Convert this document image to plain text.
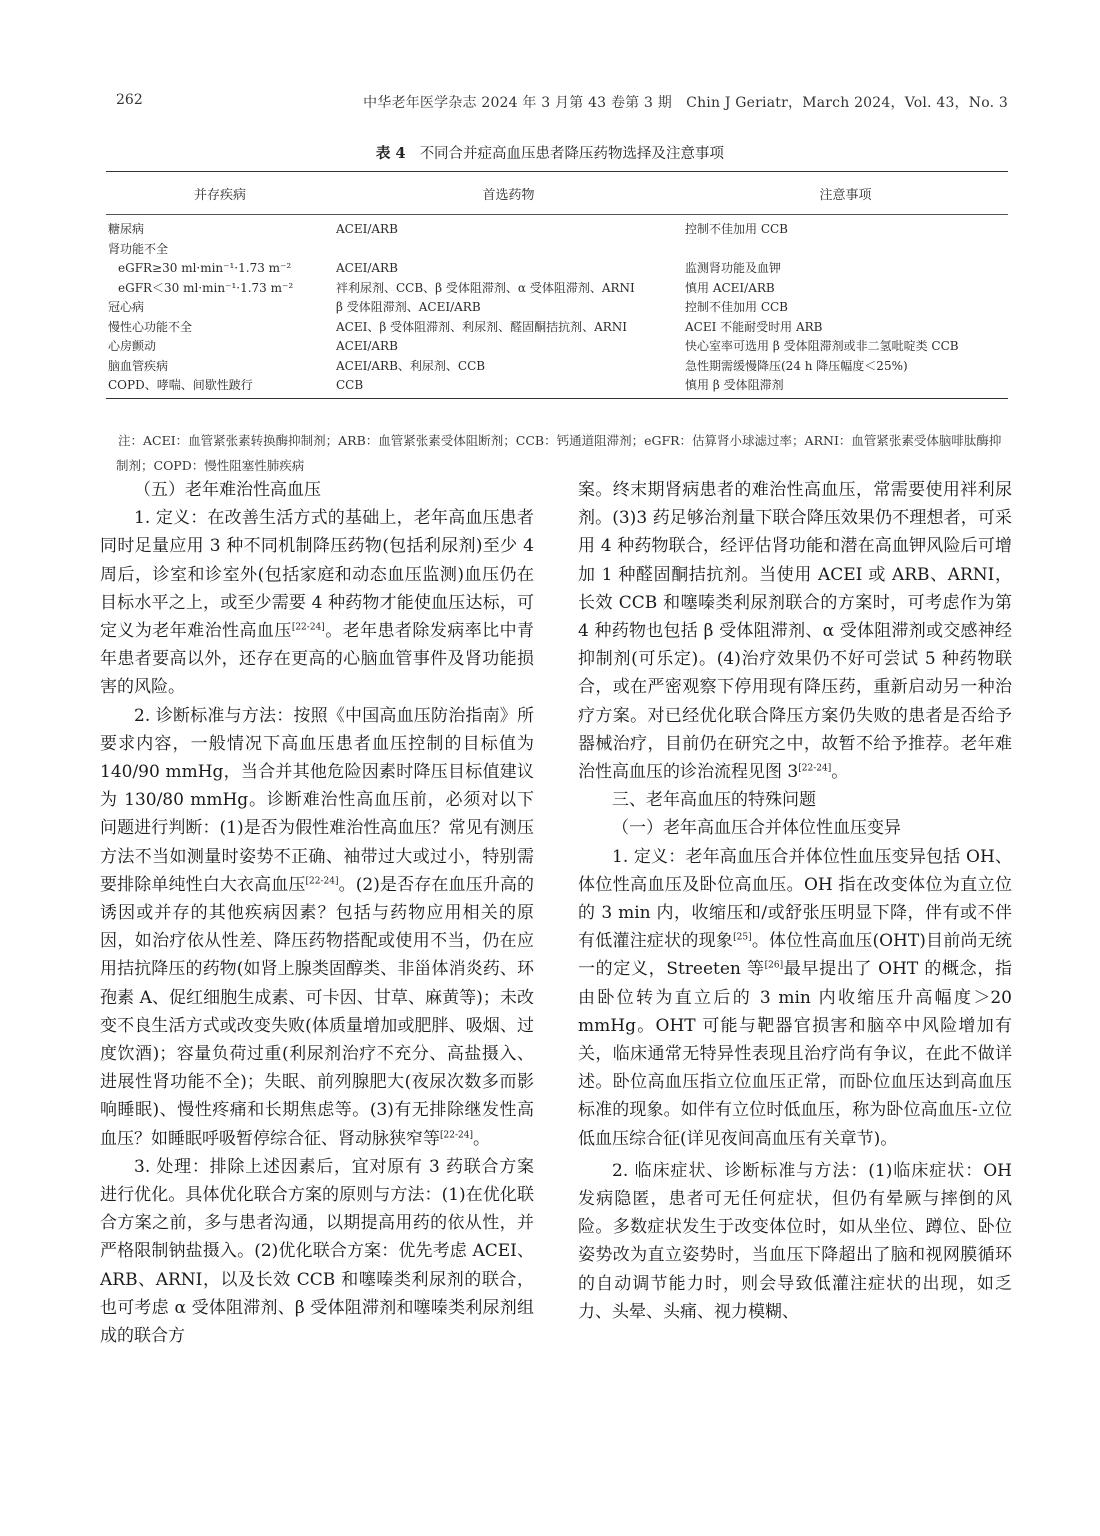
262	中华老年医学杂志 2024 年 3 月第 43 卷第 3 期　Chin J Geriatr，March 2024，Vol. 43，No. 3
表 4 不同合并症高血压患者降压药物选择及注意事项
并存疾病	首选药物	注意事项
糖尿病	ACEI/ARB	控制不佳加用 CCB
肾功能不全		
eGFR≥30 ml·min⁻¹·1.73 m⁻²	ACEI/ARB	监测肾功能及血钾
eGFR＜30 ml·min⁻¹·1.73 m⁻²	袢利尿剂、CCB、β 受体阻滞剂、α 受体阻滞剂、ARNI	慎用 ACEI/ARB
冠心病	β 受体阻滞剂、ACEI/ARB	控制不佳加用 CCB
慢性心功能不全	ACEI、β 受体阻滞剂、利尿剂、醛固酮拮抗剂、ARNI	ACEI 不能耐受时用 ARB
心房颤动	ACEI/ARB	快心室率可选用 β 受体阻滞剂或非二氢吡啶类 CCB
脑血管疾病	ACEI/ARB、利尿剂、CCB	急性期需缓慢降压(24 h 降压幅度＜25%)
COPD、哮喘、间歇性跛行	CCB	慎用 β 受体阻滞剂
注：ACEI：血管紧张素转换酶抑制剂；ARB：血管紧张素受体阻断剂；CCB：钙通道阻滞剂；eGFR：估算肾小球滤过率；ARNI：血管紧张素受体脑啡肽酶抑制剂；COPD：慢性阻塞性肺疾病

（五）老年难治性高血压

1. 定义：在改善生活方式的基础上，老年高血压患者同时足量应用 3 种不同机制降压药物(包括利尿剂)至少 4 周后，诊室和诊室外(包括家庭和动态血压监测)血压仍在目标水平之上，或至少需要 4 种药物才能使血压达标，可定义为老年难治性高血压[22-24]。老年患者除发病率比中青年患者要高以外，还存在更高的心脑血管事件及肾功能损害的风险。

2. 诊断标准与方法：按照《中国高血压防治指南》所要求内容，一般情况下高血压患者血压控制的目标值为 140/90 mmHg，当合并其他危险因素时降压目标值建议为 130/80 mmHg。诊断难治性高血压前，必须对以下问题进行判断：(1)是否为假性难治性高血压？常见有测压方法不当如测量时姿势不正确、袖带过大或过小，特别需要排除单纯性白大衣高血压[22-24]。(2)是否存在血压升高的诱因或并存的其他疾病因素？包括与药物应用相关的原因，如治疗依从性差、降压药物搭配或使用不当，仍在应用拮抗降压的药物(如肾上腺类固醇类、非甾体消炎药、环孢素 A、促红细胞生成素、可卡因、甘草、麻黄等)；未改变不良生活方式或改变失败(体质量增加或肥胖、吸烟、过度饮酒)；容量负荷过重(利尿剂治疗不充分、高盐摄入、进展性肾功能不全)；失眠、前列腺肥大(夜尿次数多而影响睡眠)、慢性疼痛和长期焦虑等。(3)有无排除继发性高血压？如睡眠呼吸暂停综合征、肾动脉狭窄等[22-24]。

3. 处理：排除上述因素后，宜对原有 3 药联合方案进行优化。具体优化联合方案的原则与方法：(1)在优化联合方案之前，多与患者沟通，以期提高用药的依从性，并严格限制钠盐摄入。(2)优化联合方案：优先考虑 ACEI、ARB、ARNI，以及长效 CCB 和噻嗪类利尿剂的联合，也可考虑 α 受体阻滞剂、β 受体阻滞剂和噻嗪类利尿剂组成的联合方

案。终末期肾病患者的难治性高血压，常需要使用袢利尿剂。(3)3 药足够治剂量下联合降压效果仍不理想者，可采用 4 种药物联合，经评估肾功能和潜在高血钾风险后可增加 1 种醛固酮拮抗剂。当使用 ACEI 或 ARB、ARNI，长效 CCB 和噻嗪类利尿剂联合的方案时，可考虑作为第 4 种药物也包括 β 受体阻滞剂、α 受体阻滞剂或交感神经抑制剂(可乐定)。(4)治疗效果仍不好可尝试 5 种药物联合，或在严密观察下停用现有降压药，重新启动另一种治疗方案。对已经优化联合降压方案仍失败的患者是否给予器械治疗，目前仍在研究之中，故暂不给予推荐。老年难治性高血压的诊治流程见图 3[22-24]。

三、老年高血压的特殊问题

（一）老年高血压合并体位性血压变异

1. 定义：老年高血压合并体位性血压变异包括 OH、体位性高血压及卧位高血压。OH 指在改变体位为直立位的 3 min 内，收缩压和/或舒张压明显下降，伴有或不伴有低灌注症状的现象[25]。体位性高血压(OHT)目前尚无统一的定义，Streeten 等[26]最早提出了 OHT 的概念，指由卧位转为直立后的 3 min 内收缩压升高幅度＞20 mmHg。OHT 可能与靶器官损害和脑卒中风险增加有关，临床通常无特异性表现且治疗尚有争议，在此不做详述。卧位高血压指立位血压正常，而卧位血压达到高血压标准的现象。如伴有立位时低血压，称为卧位高血压-立位低血压综合征(详见夜间高血压有关章节)。

2. 临床症状、诊断标准与方法：(1)临床症状：OH 发病隐匿，患者可无任何症状，但仍有晕厥与摔倒的风险。多数症状发生于改变体位时，如从坐位、蹲位、卧位姿势改为直立姿势时，当血压下降超出了脑和视网膜循环的自动调节能力时，则会导致低灌注症状的出现，如乏力、头晕、头痛、视力模糊、
